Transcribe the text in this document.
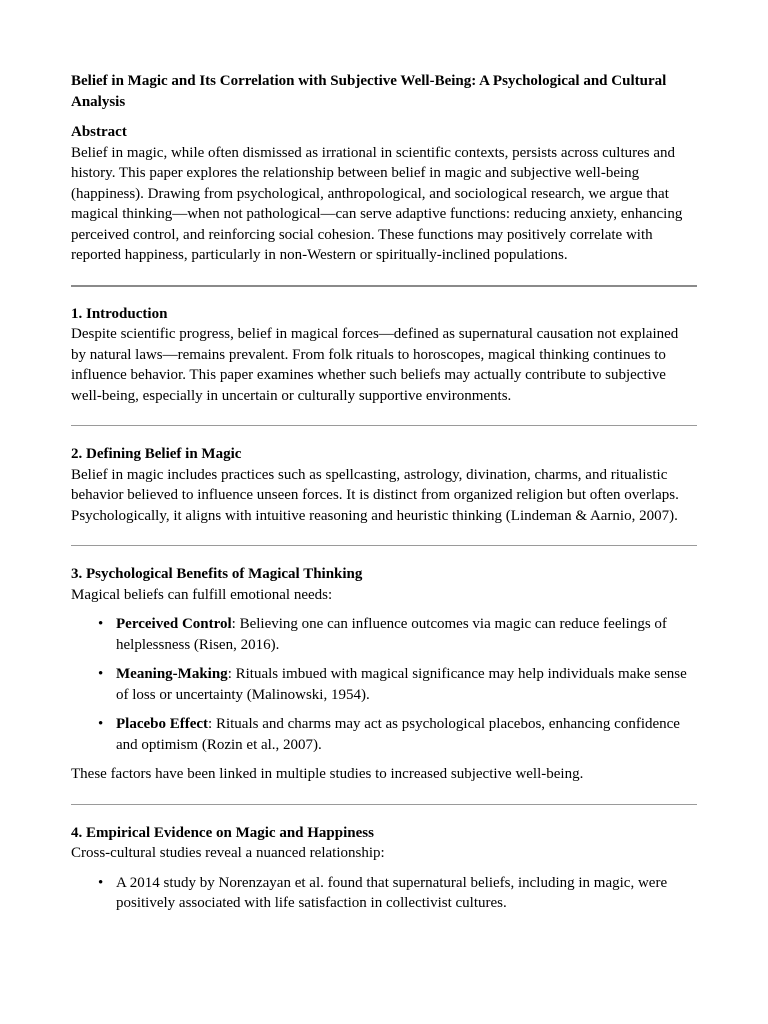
Belief in Magic and Its Correlation with Subjective Well-Being: A Psychological and Cultural Analysis

Abstract

Belief in magic, while often dismissed as irrational in scientific contexts, persists across cultures and history. This paper explores the relationship between belief in magic and subjective well-being (happiness). Drawing from psychological, anthropological, and sociological research, we argue that magical thinking—when not pathological—can serve adaptive functions: reducing anxiety, enhancing perceived control, and reinforcing social cohesion. These functions may positively correlate with reported happiness, particularly in non-Western or spiritually-inclined populations.

1. Introduction

Despite scientific progress, belief in magical forces—defined as supernatural causation not explained by natural laws—remains prevalent. From folk rituals to horoscopes, magical thinking continues to influence behavior. This paper examines whether such beliefs may actually contribute to subjective well-being, especially in uncertain or culturally supportive environments.

2. Defining Belief in Magic

Belief in magic includes practices such as spellcasting, astrology, divination, charms, and ritualistic behavior believed to influence unseen forces. It is distinct from organized religion but often overlaps. Psychologically, it aligns with intuitive reasoning and heuristic thinking (Lindeman & Aarnio, 2007).

3. Psychological Benefits of Magical Thinking

Magical beliefs can fulfill emotional needs:

• Perceived Control: Believing one can influence outcomes via magic can reduce feelings of helplessness (Risen, 2016).
• Meaning-Making: Rituals imbued with magical significance may help individuals make sense of loss or uncertainty (Malinowski, 1954).
• Placebo Effect: Rituals and charms may act as psychological placebos, enhancing confidence and optimism (Rozin et al., 2007).

These factors have been linked in multiple studies to increased subjective well-being.

4. Empirical Evidence on Magic and Happiness

Cross-cultural studies reveal a nuanced relationship:

• A 2014 study by Norenzayan et al. found that supernatural beliefs, including in magic, were positively associated with life satisfaction in collectivist cultures.
